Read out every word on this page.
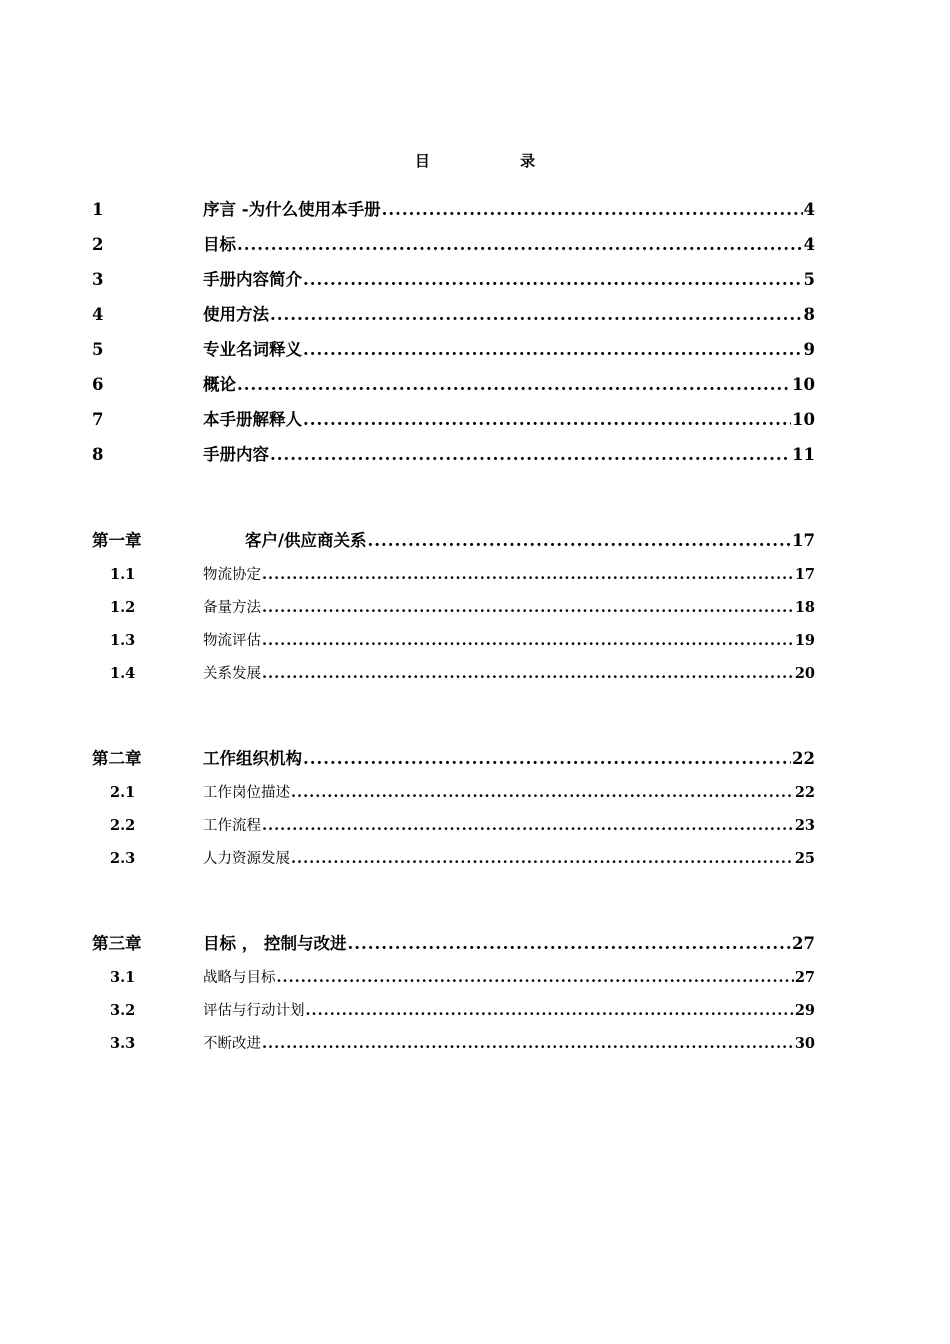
目	录
1	序言 -为什么使用本手册 .....	4
2	目标 .....	4
3	手册内容简介 .....	5
4	使用方法 .....	8
5	专业名词释义 .....	9
6	概论 .....	10
7	本手册解释人 .....	10
8	手册内容 .....	11
第一章	客户/供应商关系 .....	17
1.1	物流协定 .....	17
1.2	备量方法 .....	18
1.3	物流评估 .....	19
1.4	关系发展 .....	20
第二章	工作组织机构 .....	22
2.1	工作岗位描述 .....	22
2.2	工作流程 .....	23
2.3	人力资源发展 .....	25
第三章	目标 ， 控制与改进 .....	27
3.1	战略与目标 .....	27
3.2	评估与行动计划 .....	29
3.3	不断改进 .....	30
